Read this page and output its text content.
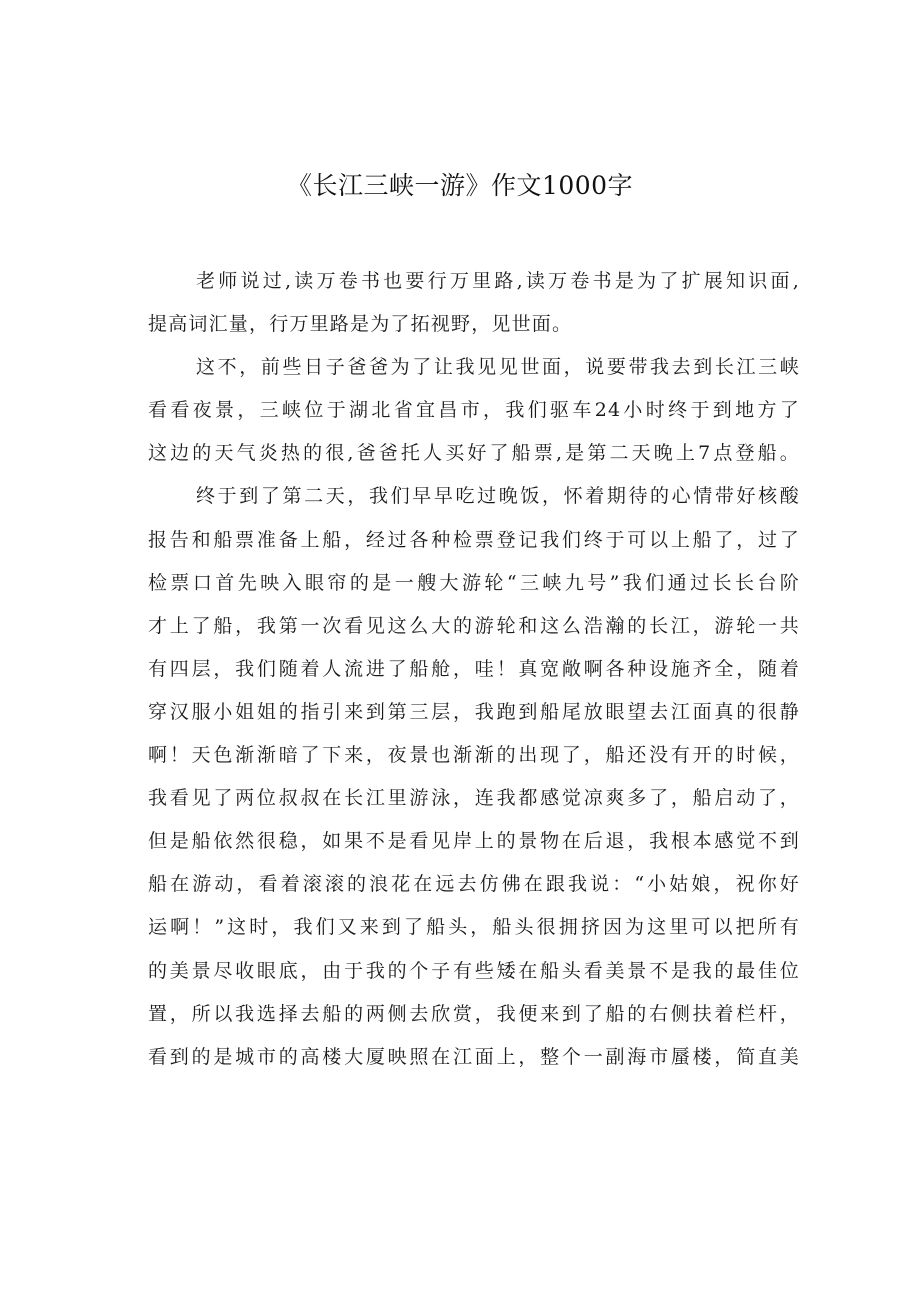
《长江三峡一游》作文1000字

老师说过,读万卷书也要行万里路,读万卷书是为了扩展知识面,
提高词汇量，行万里路是为了拓视野，见世面。

这不，前些日子爸爸为了让我见见世面，说要带我去到长江三峡
看看夜景，三峡位于湖北省宜昌市，我们驱车24小时终于到地方了
这边的天气炎热的很,爸爸托人买好了船票,是第二天晚上7点登船。

终于到了第二天，我们早早吃过晚饭，怀着期待的心情带好核酸
报告和船票准备上船，经过各种检票登记我们终于可以上船了，过了
检票口首先映入眼帘的是一艘大游轮“三峡九号”我们通过长长台阶
才上了船，我第一次看见这么大的游轮和这么浩瀚的长江，游轮一共
有四层，我们随着人流进了船舱，哇！真宽敞啊各种设施齐全，随着
穿汉服小姐姐的指引来到第三层，我跑到船尾放眼望去江面真的很静
啊！天色渐渐暗了下来，夜景也渐渐的出现了，船还没有开的时候，
我看见了两位叔叔在长江里游泳，连我都感觉凉爽多了，船启动了，
但是船依然很稳，如果不是看见岸上的景物在后退，我根本感觉不到
船在游动，看着滚滚的浪花在远去仿佛在跟我说：“小姑娘，祝你好
运啊！”这时，我们又来到了船头，船头很拥挤因为这里可以把所有
的美景尽收眼底，由于我的个子有些矮在船头看美景不是我的最佳位
置，所以我选择去船的两侧去欣赏，我便来到了船的右侧扶着栏杆，
看到的是城市的高楼大厦映照在江面上，整个一副海市蜃楼，简直美
